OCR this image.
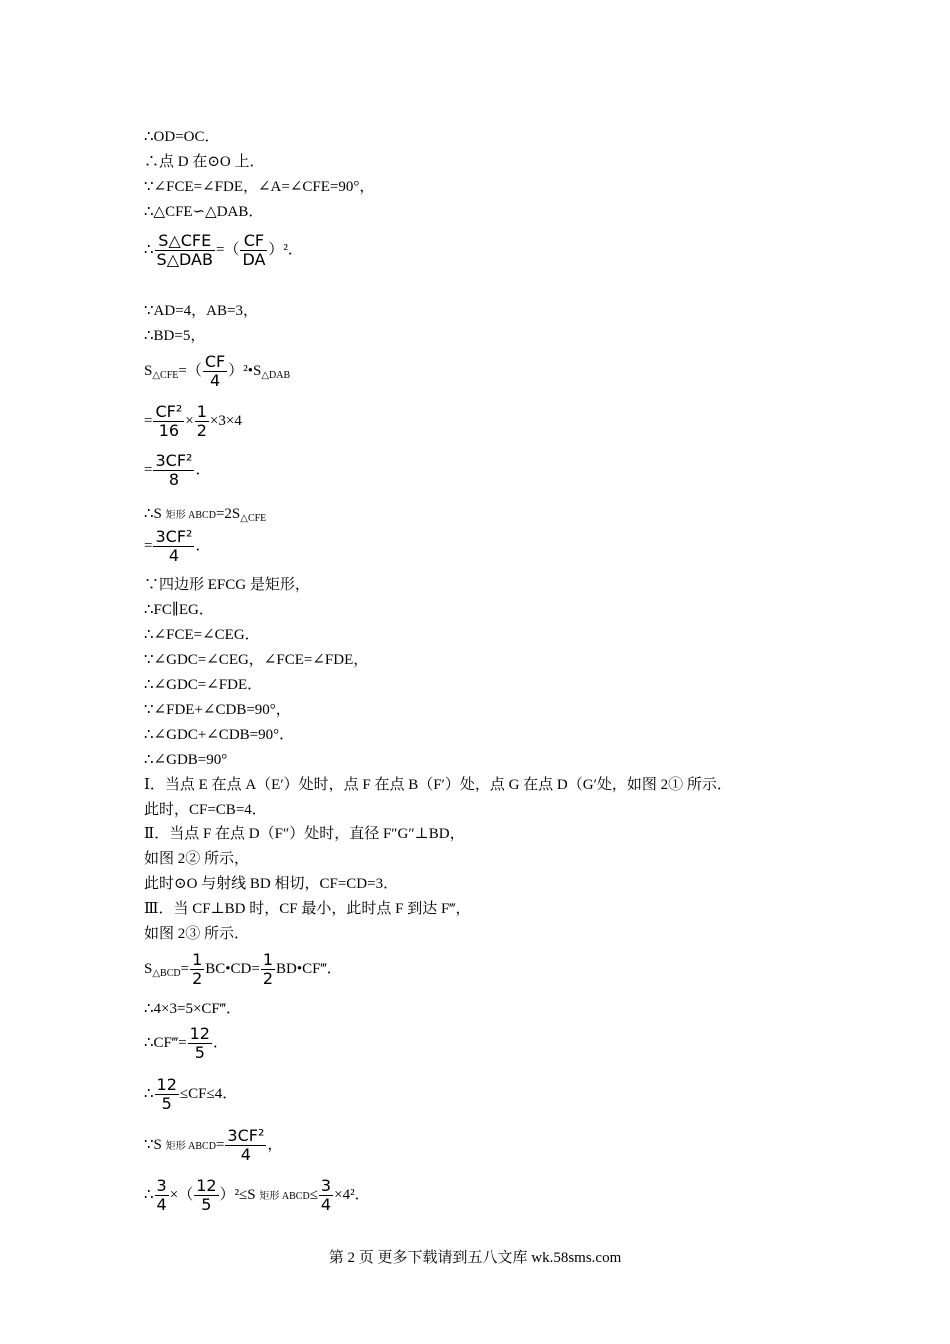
∴OD=OC．
∴点 D 在⊙O 上．
∵∠FCE=∠FDE，∠A=∠CFE=90°，
∴△CFE∽△DAB．
∴ $\frac{\text{S△CFE}}{\text{S△DAB}}$ =（ $\frac{CF}{DA} )^2$．
∵AD=4，AB=3，
∴BD=5，
$S_{\triangle CFE}=( \frac{CF}{4}$ ）$^2•S_{\triangle DAB}$
= $\frac{\text{CF²}}{16} \times \frac{1}{2} \times 3\times 4$
= $\frac{\text{3CF²}}{8}$ ．
∴S 矩形 $ABCD=2S_{\triangle CFE}$
= $\frac{\text{3CF²}}{4}$ ．
∵四边形 EFCG 是矩形，
∴FC∥EG．
∴∠FCE=∠CEG．
∵∠GDC=∠CEG，∠FCE=∠FDE，
∴∠GDC=∠FDE．
∵∠FDE+∠CDB=90°，
∴∠GDC+∠CDB=90°．
∴∠GDB=90°
Ⅰ．当点 E 在点 A（E′）处时，点 F 在点 B（F′）处，点 G 在点 D（G′处，如图 2① 所示．
此时，CF=CB=4．
Ⅱ．当点 F 在点 D（F″）处时，直径 F″G″⊥BD，
如图 2② 所示，
此时⊙O 与射线 BD 相切，CF=CD=3．
Ⅲ．当 CF⊥BD 时，CF 最小，此时点 F 到达 F‴，
如图 2③ 所示．
$S_{\triangle BCD}= \frac{1}{2}$ BC•CD= $\frac{1}{2}$ BD•CF‴．
∴4×3=5×CF‴．
∴CF‴= $\frac{12}{5}$ ．
∴ $\frac{12}{5} \le CF\le 4$．
∵S 矩形 ABCD= $\frac{\text{3CF²}}{4}$ ，
∴ $\frac{3}{4}$ ×（ $\frac{12}{5} )^2\le S$ 矩形 ABCD≤ $\frac{3}{4} \times 4^2$．
第 2 页 更多下载请到五八文库 wk.58sms.com
